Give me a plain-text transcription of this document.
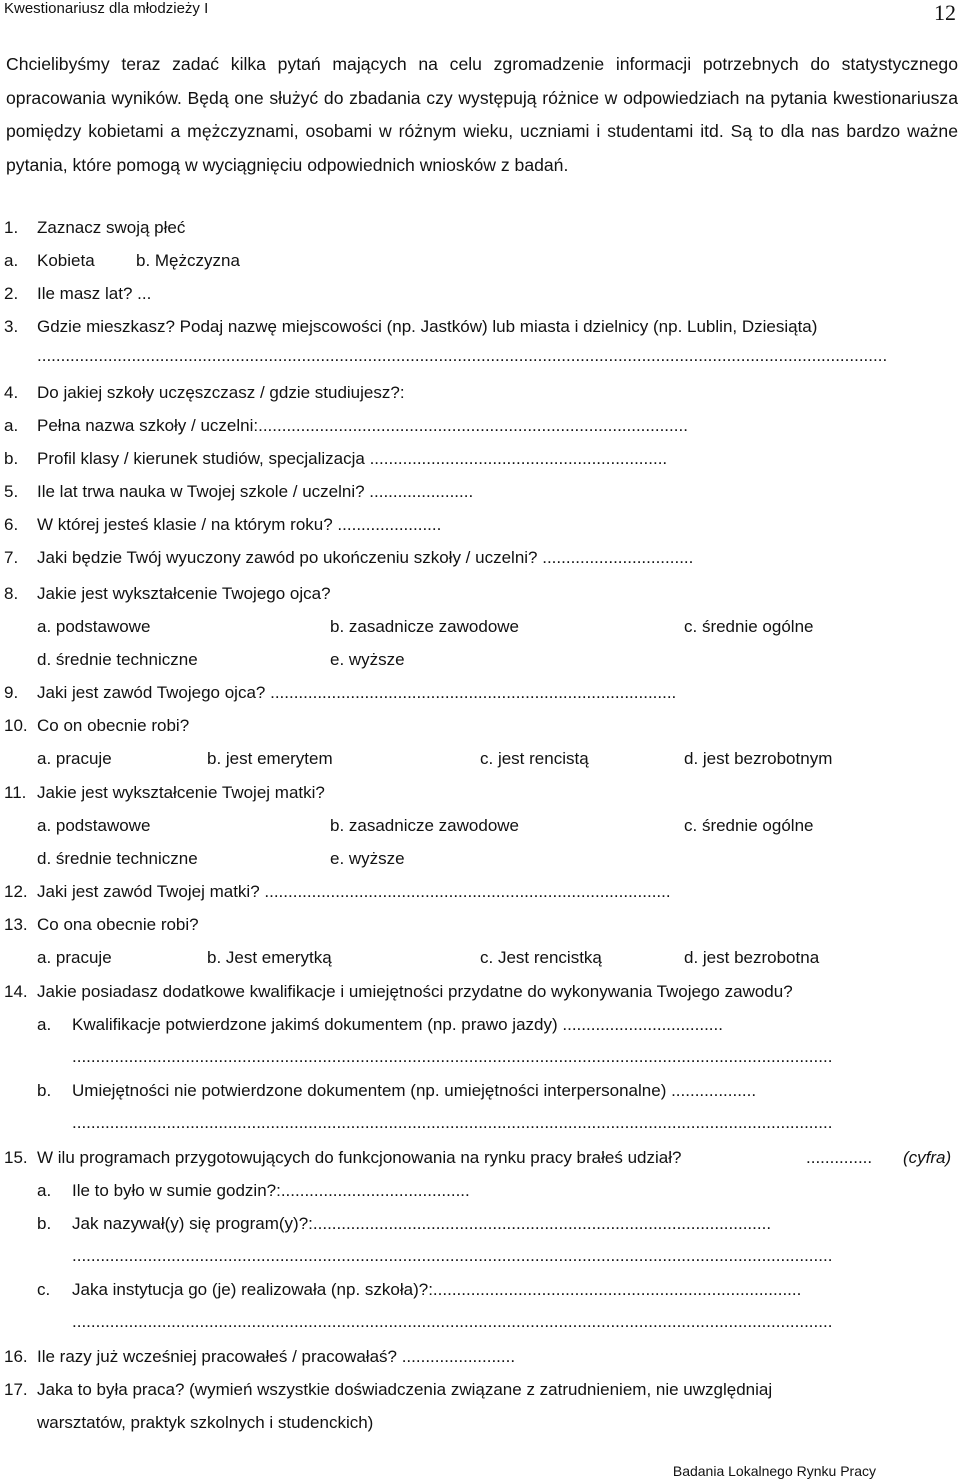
Kwestionariusz dla młodzieży I	12
Chcielibyśmy teraz zadać kilka pytań mających na celu zgromadzenie informacji potrzebnych do statystycznego opracowania wyników. Będą one służyć do zbadania czy występują różnice w odpowiedziach na pytania kwestionariusza pomiędzy kobietami a mężczyznami, osobami w różnym wieku, uczniami i studentami itd. Są to dla nas bardzo ważne pytania, które pomogą w wyciągnięciu odpowiednich wniosków z badań.
1. Zaznacz swoją płeć
a. Kobieta b. Mężczyzna
2. Ile masz lat? ...
3. Gdzie mieszkasz? Podaj nazwę miejscowości (np. Jastków) lub miasta i dzielnicy (np. Lublin, Dziesiąta)
....................................................................................................................................................................................
4. Do jakiej szkoły uczęszczasz / gdzie studiujesz?:
a. Pełna nazwa szkoły / uczelni:...........................................................................................
b. Profil klasy / kierunek studiów, specjalizacja ...............................................................
5. Ile lat trwa nauka w Twojej szkole / uczelni? ......................
6. W której jesteś klasie / na którym roku? ......................
7. Jaki będzie Twój wyuczony zawód po ukończeniu szkoły / uczelni? ................................
8. Jakie jest wykształcenie Twojego ojca?
a. podstawowe	b. zasadnicze zawodowe	c. średnie ogólne
d. średnie techniczne	e. wyższe
9. Jaki jest zawód Twojego ojca? ......................................................................................
10. Co on obecnie robi?
a. pracuje	b. jest emerytem	c. jest rencistą	d. jest bezrobotnym
11. Jakie jest wykształcenie Twojej matki?
a. podstawowe	b. zasadnicze zawodowe	c. średnie ogólne
d. średnie techniczne	e. wyższe
12. Jaki jest zawód Twojej matki? ......................................................................................
13. Co ona obecnie robi?
a. pracuje	b. Jest emerytką	c. Jest rencistką	d. jest bezrobotna
14. Jakie posiadasz dodatkowe kwalifikacje i umiejętności przydatne do wykonywania Twojego zawodu?
a. Kwalifikacje potwierdzone jakimś dokumentem (np. prawo jazdy) ..................................
.................................................................................................................................................................
b. Umiejętności nie potwierdzone dokumentem (np. umiejętności interpersonalne) ..................
.................................................................................................................................................................
15. W ilu programach przygotowujących do funkcjonowania na rynku pracy brałeś udział?	.............. (cyfra)
a. Ile to było w sumie godzin?:........................................
b. Jak nazywał(y) się program(y)?:.................................................................................................
.................................................................................................................................................................
c. Jaka instytucja go (je) realizowała (np. szkoła)?:..............................................................................
.................................................................................................................................................................
16. Ile razy już wcześniej pracowałeś / pracowałaś? ........................
17. Jaka to była praca? (wymień wszystkie doświadczenia związane z zatrudnieniem, nie uwzględniaj
warsztatów, praktyk szkolnych i studenckich)
Badania Lokalnego Rynku Pracy
